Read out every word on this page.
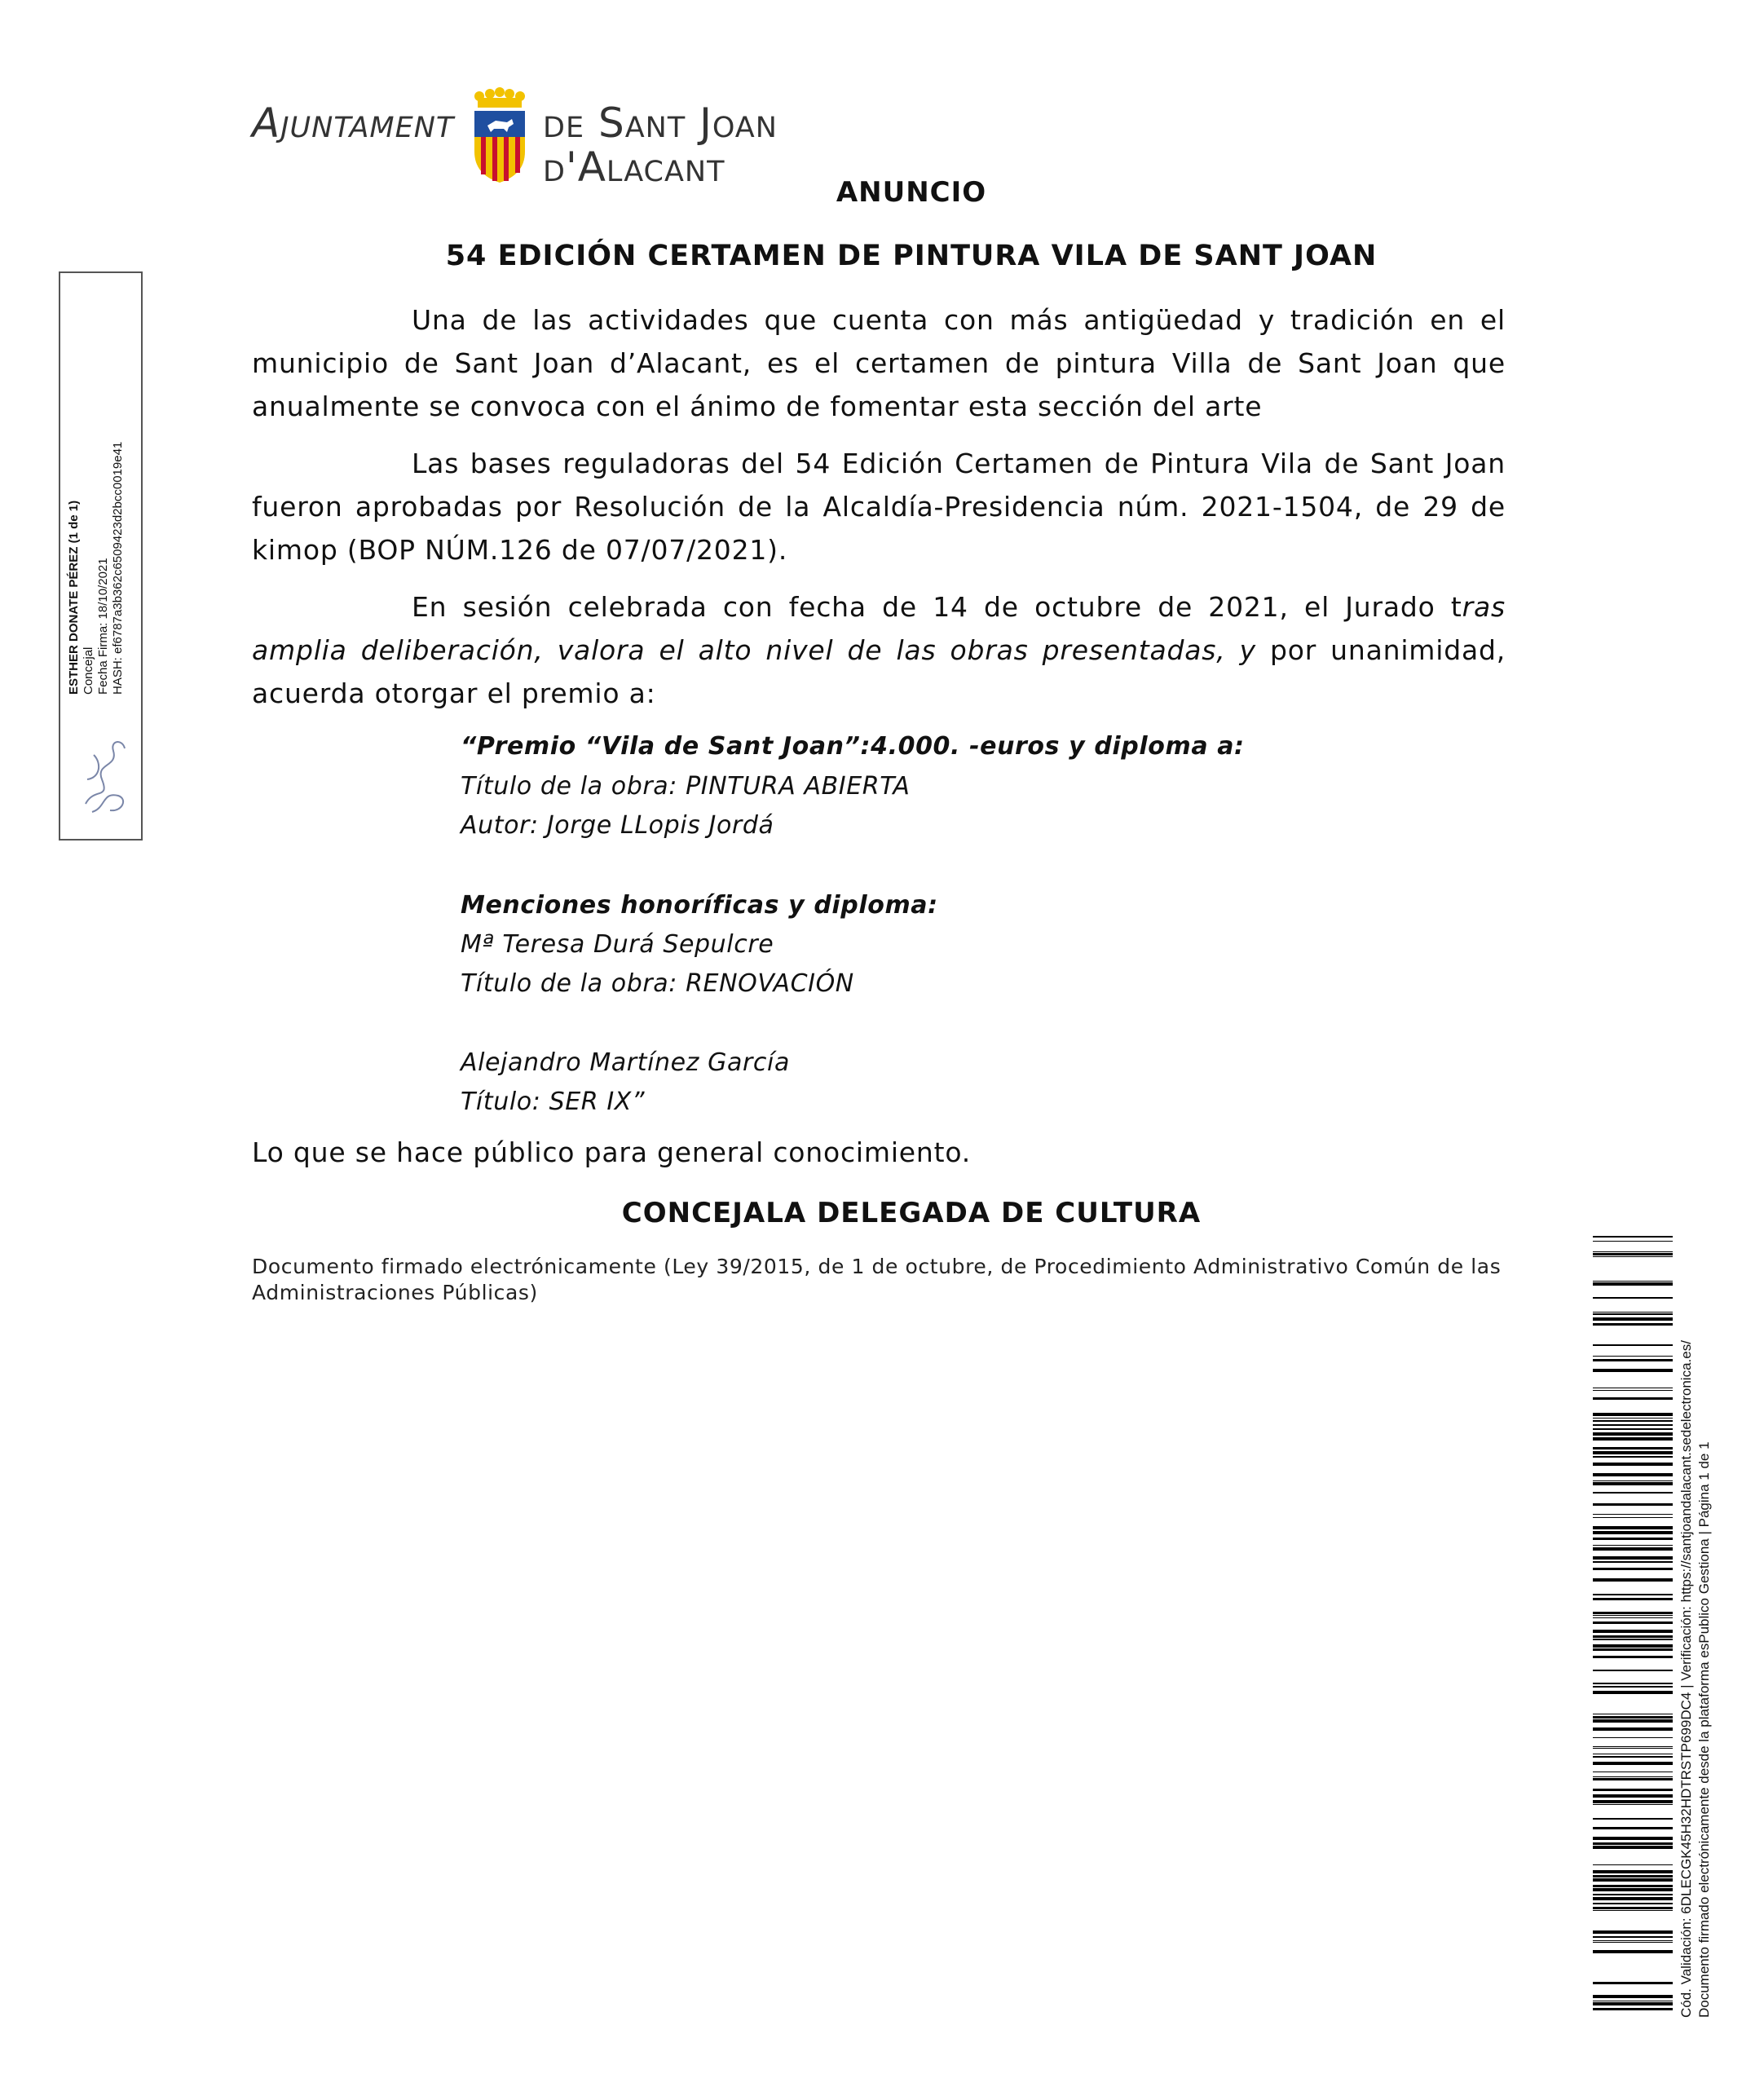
Ajuntament de Sant Joan
d'Alacant
ANUNCIO
54 EDICIÓN CERTAMEN DE PINTURA VILA DE SANT JOAN
Una de las actividades que cuenta con más antigüedad y tradición en el municipio de Sant Joan d’Alacant, es el certamen de pintura Villa de Sant Joan que anualmente se convoca con el ánimo de fomentar esta sección del arte
Las bases reguladoras del 54 Edición Certamen de Pintura Vila de Sant Joan fueron aprobadas por Resolución de la Alcaldía-Presidencia núm. 2021-1504, de 29 de kimop (BOP NÚM.126 de 07/07/2021).
En sesión celebrada con fecha de 14 de octubre de 2021, el Jurado tras amplia deliberación, valora el alto nivel de las obras presentadas, y por unanimidad, acuerda otorgar el premio a:
“Premio “Vila de Sant Joan”:4.000. -euros y diploma a:
Título de la obra: PINTURA ABIERTA
Autor: Jorge LLopis Jordá
Menciones honoríficas y diploma:
Mª Teresa Durá Sepulcre
Título de la obra: RENOVACIÓN
Alejandro Martínez García
Título: SER IX”
Lo que se hace público para general conocimiento.
CONCEJALA DELEGADA DE CULTURA
Documento firmado electrónicamente (Ley 39/2015, de 1 de octubre, de Procedimiento Administrativo Común de las Administraciones Públicas)
ESTHER DONATE PÉREZ (1 de 1) Concejal Fecha Firma: 18/10/2021 HASH: ef6787a3b362c6509423d2bcc0019e41
Cód. Validación: 6DLECGK45H32HDTRSTP699DC4 | Verificación: https://santjoandalacant.sedelectronica.es/ Documento firmado electrónicamente desde la plataforma esPublico Gestiona | Página 1 de 1
